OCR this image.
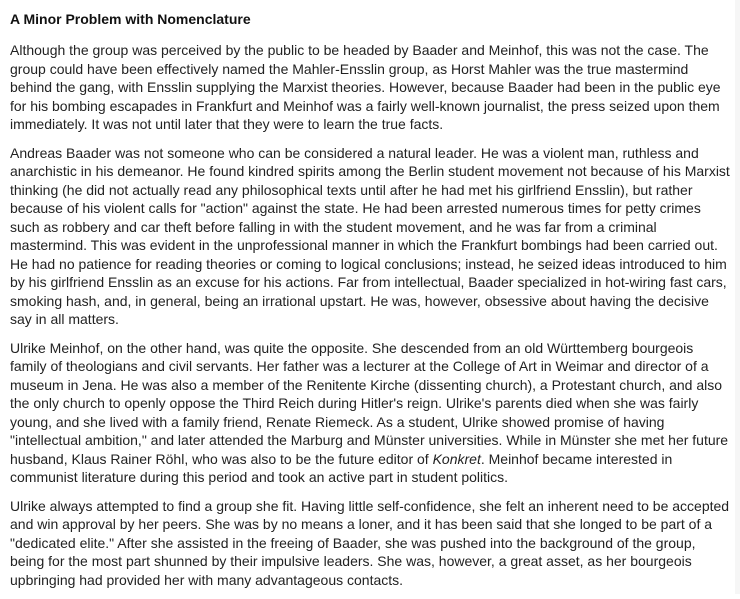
A Minor Problem with Nomenclature

Although the group was perceived by the public to be headed by Baader and Meinhof, this was not the case. The group could have been effectively named the Mahler-Ensslin group, as Horst Mahler was the true mastermind behind the gang, with Ensslin supplying the Marxist theories. However, because Baader had been in the public eye for his bombing escapades in Frankfurt and Meinhof was a fairly well-known journalist, the press seized upon them immediately. It was not until later that they were to learn the true facts.

Andreas Baader was not someone who can be considered a natural leader. He was a violent man, ruthless and anarchistic in his demeanor. He found kindred spirits among the Berlin student movement not because of his Marxist thinking (he did not actually read any philosophical texts until after he had met his girlfriend Ensslin), but rather because of his violent calls for "action" against the state. He had been arrested numerous times for petty crimes such as robbery and car theft before falling in with the student movement, and he was far from a criminal mastermind. This was evident in the unprofessional manner in which the Frankfurt bombings had been carried out. He had no patience for reading theories or coming to logical conclusions; instead, he seized ideas introduced to him by his girlfriend Ensslin as an excuse for his actions. Far from intellectual, Baader specialized in hot-wiring fast cars, smoking hash, and, in general, being an irrational upstart. He was, however, obsessive about having the decisive say in all matters.

Ulrike Meinhof, on the other hand, was quite the opposite. She descended from an old Württemberg bourgeois family of theologians and civil servants. Her father was a lecturer at the College of Art in Weimar and director of a museum in Jena. He was also a member of the Renitente Kirche (dissenting church), a Protestant church, and also the only church to openly oppose the Third Reich during Hitler's reign. Ulrike's parents died when she was fairly young, and she lived with a family friend, Renate Riemeck. As a student, Ulrike showed promise of having "intellectual ambition," and later attended the Marburg and Münster universities. While in Münster she met her future husband, Klaus Rainer Röhl, who was also to be the future editor of Konkret. Meinhof became interested in communist literature during this period and took an active part in student politics.

Ulrike always attempted to find a group she fit. Having little self-confidence, she felt an inherent need to be accepted and win approval by her peers. She was by no means a loner, and it has been said that she longed to be part of a "dedicated elite." After she assisted in the freeing of Baader, she was pushed into the background of the group, being for the most part shunned by their impulsive leaders. She was, however, a great asset, as her bourgeois upbringing had provided her with many advantageous contacts.
